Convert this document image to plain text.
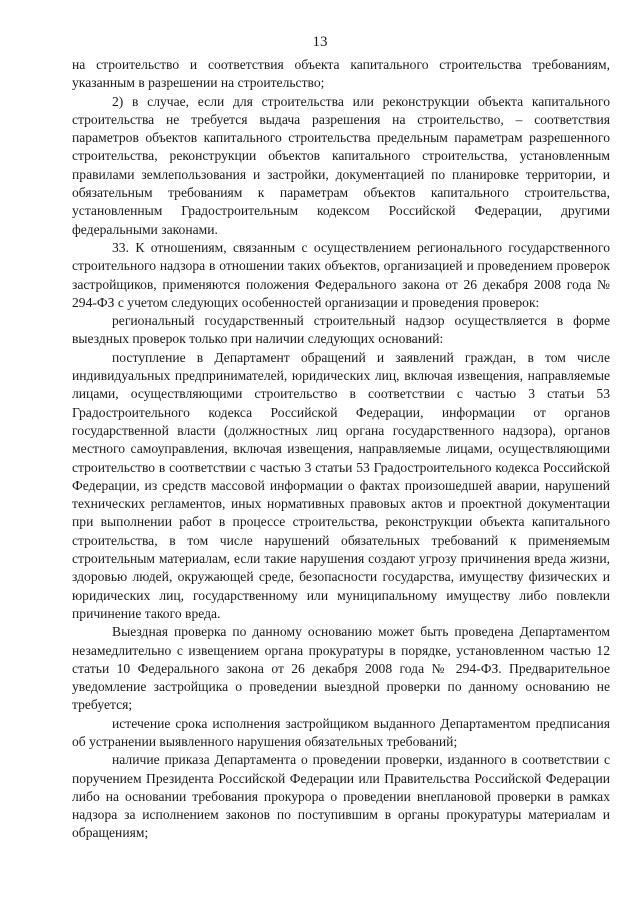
13

на строительство и соответствия объекта капитального строительства требованиям, указанным в разрешении на строительство;

2) в случае, если для строительства или реконструкции объекта капитального строительства не требуется выдача разрешения на строительство, – соответствия параметров объектов капитального строительства предельным параметрам разрешенного строительства, реконструкции объектов капитального строительства, установленным правилами землепользования и застройки, документацией по планировке территории, и обязательным требованиям к параметрам объектов капитального строительства, установленным Градостроительным кодексом Российской Федерации, другими федеральными законами.

33. К отношениям, связанным с осуществлением регионального государственного строительного надзора в отношении таких объектов, организацией и проведением проверок застройщиков, применяются положения Федерального закона от 26 декабря 2008 года № 294-ФЗ с учетом следующих особенностей организации и проведения проверок:

региональный государственный строительный надзор осуществляется в форме выездных проверок только при наличии следующих оснований:

поступление в Департамент обращений и заявлений граждан, в том числе индивидуальных предпринимателей, юридических лиц, включая извещения, направляемые лицами, осуществляющими строительство в соответствии с частью 3 статьи 53 Градостроительного кодекса Российской Федерации, информации от органов государственной власти (должностных лиц органа государственного надзора), органов местного самоуправления, включая извещения, направляемые лицами, осуществляющими строительство в соответствии с частью 3 статьи 53 Градостроительного кодекса Российской Федерации, из средств массовой информации о фактах произошедшей аварии, нарушений технических регламентов, иных нормативных правовых актов и проектной документации при выполнении работ в процессе строительства, реконструкции объекта капитального строительства, в том числе нарушений обязательных требований к применяемым строительным материалам, если такие нарушения создают угрозу причинения вреда жизни, здоровью людей, окружающей среде, безопасности государства, имуществу физических и юридических лиц, государственному или муниципальному имуществу либо повлекли причинение такого вреда.

Выездная проверка по данному основанию может быть проведена Департаментом незамедлительно с извещением органа прокуратуры в порядке, установленном частью 12 статьи 10 Федерального закона от 26 декабря 2008 года № 294-ФЗ. Предварительное уведомление застройщика о проведении выездной проверки по данному основанию не требуется;

истечение срока исполнения застройщиком выданного Департаментом предписания об устранении выявленного нарушения обязательных требований;

наличие приказа Департамента о проведении проверки, изданного в соответствии с поручением Президента Российской Федерации или Правительства Российской Федерации либо на основании требования прокурора о проведении внеплановой проверки в рамках надзора за исполнением законов по поступившим в органы прокуратуры материалам и обращениям;
